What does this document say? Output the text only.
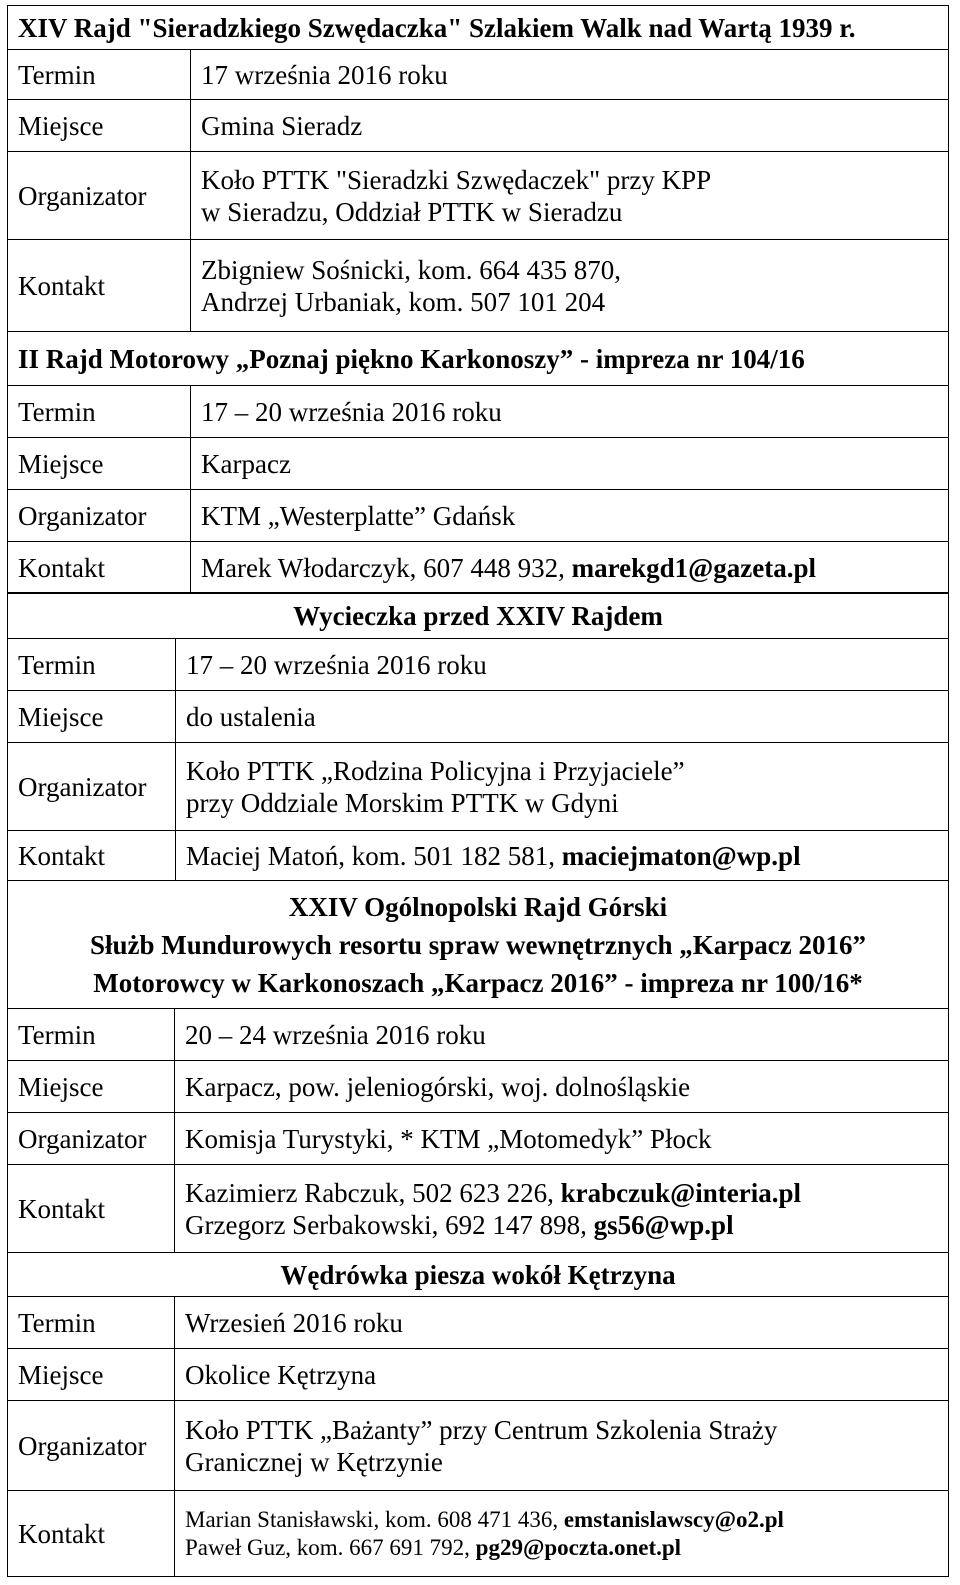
XIV Rajd "Sieradzkiego Szwędaczka" Szlakiem Walk nad Wartą 1939 r.	
Termin	17 września 2016 roku
Miejsce	Gmina Sieradz
Organizator	Koło PTTK "Sieradzki Szwędaczek" przy KPP
w Sieradzu, Oddział PTTK w Sieradzu

Kontakt	Zbigniew Sośnicki, kom. 664 435 870,
Andrzej Urbaniak, kom. 507 101 204
II Rajd Motorowy „Poznaj piękno Karkonoszy” - impreza nr 104/16	
Termin	17 – 20 września 2016 roku
Miejsce	Karpacz
Organizator	KTM „Westerplatte” Gdańsk
Kontakt	Marek Włodarczyk, 607 448 932, marekgd1@gazeta.pl
Wycieczka przed XXIV Rajdem	
Termin	17 – 20 września 2016 roku
Miejsce	do ustalenia
Organizator	Koło PTTK „Rodzina Policyjna i Przyjaciele”
przy Oddziale Morskim PTTK w Gdyni

Kontakt	Maciej Matoń, kom. 501 182 581, maciejmaton@wp.pl
XXIV Ogólnopolski Rajd Górski
Służb Mundurowych resortu spraw wewnętrznych „Karpacz 2016”
Motorowcy w Karkonoszach „Karpacz 2016” - impreza nr 100/16*	

Termin	20 – 24 września 2016 roku
Miejsce	Karpacz, pow. jeleniogórski, woj. dolnośląskie
Organizator	Komisja Turystyki, * KTM „Motomedyk” Płock
Kontakt	Kazimierz Rabczuk, 502 623 226, krabczuk@interia.pl
Grzegorz Serbakowski, 692 147 898, gs56@wp.pl
Wędrówka piesza wokół Kętrzyna	
Termin	Wrzesień 2016 roku
Miejsce	Okolice Kętrzyna
Organizator	Koło PTTK „Bażanty” przy Centrum Szkolenia Straży
Granicznej w Kętrzynie

Kontakt	Marian Stanisławski, kom. 608 471 436, emstanislawscy@o2.pl
Paweł Guz, kom. 667 691 792, pg29@poczta.onet.pl
